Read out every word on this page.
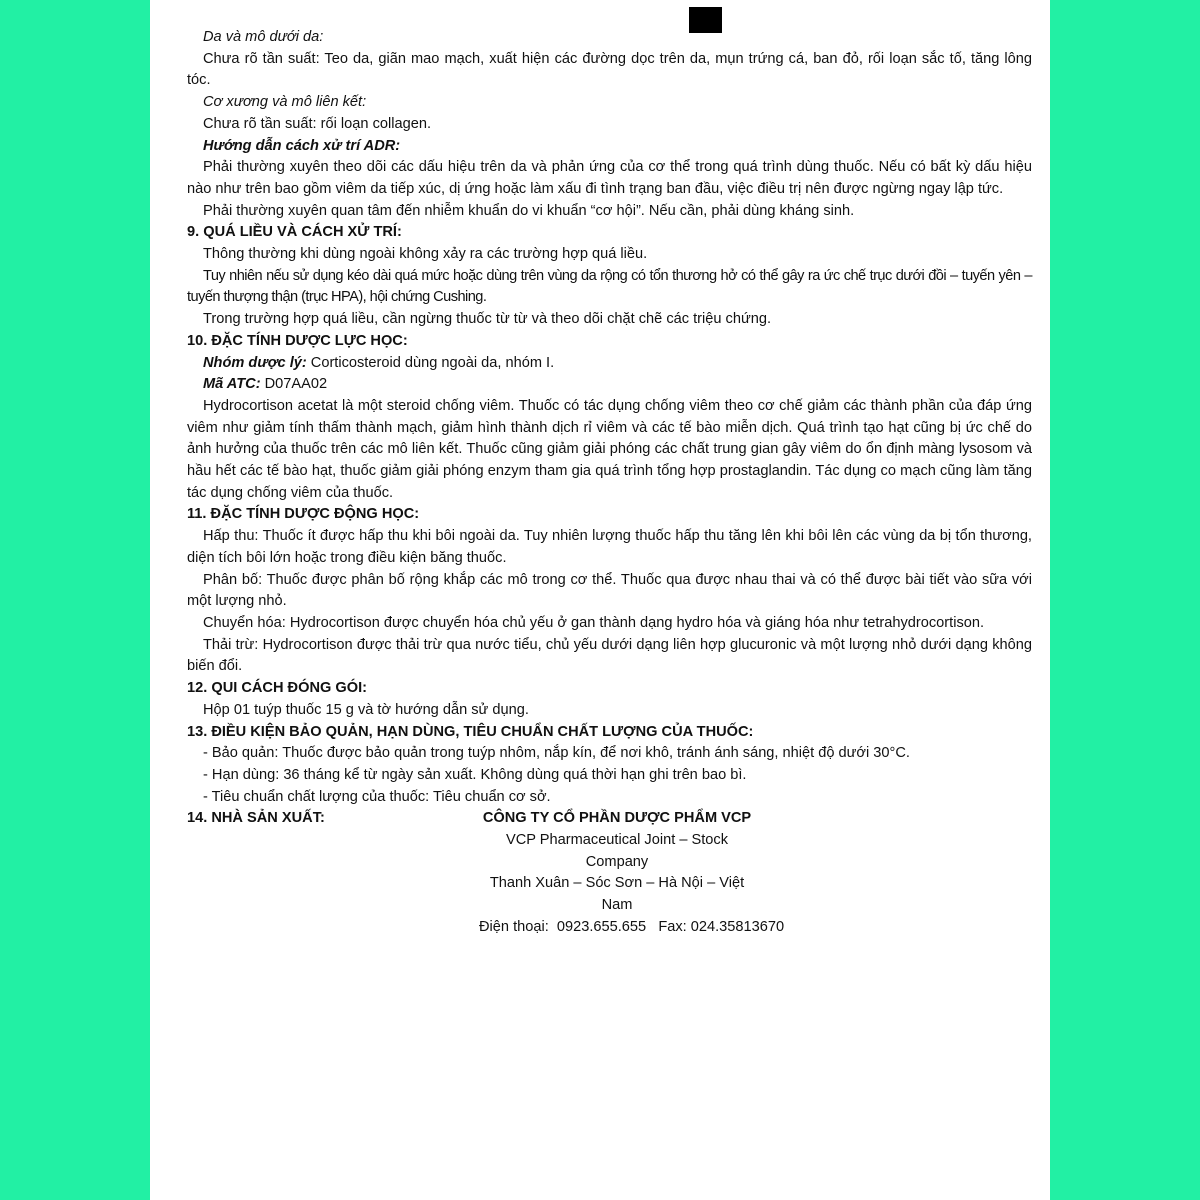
Da và mô dưới da:

Chưa rõ tần suất: Teo da, giãn mao mạch, xuất hiện các đường dọc trên da, mụn trứng cá, ban đỏ, rối loạn sắc tố, tăng lông tóc.

Cơ xương và mô liên kết:

Chưa rõ tần suất: rối loạn collagen.

Hướng dẫn cách xử trí ADR:

Phải thường xuyên theo dõi các dấu hiệu trên da và phản ứng của cơ thể trong quá trình dùng thuốc. Nếu có bất kỳ dấu hiệu nào như trên bao gồm viêm da tiếp xúc, dị ứng hoặc làm xấu đi tình trạng ban đầu, việc điều trị nên được ngừng ngay lập tức.

Phải thường xuyên quan tâm đến nhiễm khuẩn do vi khuẩn “cơ hội”. Nếu cần, phải dùng kháng sinh.

9. QUÁ LIỀU VÀ CÁCH XỬ TRÍ:

Thông thường khi dùng ngoài không xảy ra các trường hợp quá liều.

Tuy nhiên nếu sử dụng kéo dài quá mức hoặc dùng trên vùng da rộng có tổn thương hở có thể gây ra ức chế trục dưới đồi – tuyến yên – tuyến thượng thận (trục HPA), hội chứng Cushing.

Trong trường hợp quá liều, cần ngừng thuốc từ từ và theo dõi chặt chẽ các triệu chứng.

10. ĐẶC TÍNH DƯỢC LỰC HỌC:

Nhóm dược lý: Corticosteroid dùng ngoài da, nhóm I.

Mã ATC: D07AA02

Hydrocortison acetat là một steroid chống viêm. Thuốc có tác dụng chống viêm theo cơ chế giảm các thành phần của đáp ứng viêm như giảm tính thấm thành mạch, giảm hình thành dịch rỉ viêm và các tế bào miễn dịch. Quá trình tạo hạt cũng bị ức chế do ảnh hưởng của thuốc trên các mô liên kết. Thuốc cũng giảm giải phóng các chất trung gian gây viêm do ổn định màng lysosom và hầu hết các tế bào hạt, thuốc giảm giải phóng enzym tham gia quá trình tổng hợp prostaglandin. Tác dụng co mạch cũng làm tăng tác dụng chống viêm của thuốc.

11. ĐẶC TÍNH DƯỢC ĐỘNG HỌC:

Hấp thu: Thuốc ít được hấp thu khi bôi ngoài da. Tuy nhiên lượng thuốc hấp thu tăng lên khi bôi lên các vùng da bị tổn thương, diện tích bôi lớn hoặc trong điều kiện băng thuốc.

Phân bố: Thuốc được phân bố rộng khắp các mô trong cơ thể. Thuốc qua được nhau thai và có thể được bài tiết vào sữa với một lượng nhỏ.

Chuyển hóa: Hydrocortison được chuyển hóa chủ yếu ở gan thành dạng hydro hóa và giáng hóa như tetrahydrocortison.

Thải trừ: Hydrocortison được thải trừ qua nước tiểu, chủ yếu dưới dạng liên hợp glucuronic và một lượng nhỏ dưới dạng không biến đổi.

12. QUI CÁCH ĐÓNG GÓI:

Hộp 01 tuýp thuốc 15 g và tờ hướng dẫn sử dụng.

13. ĐIỀU KIỆN BẢO QUẢN, HẠN DÙNG, TIÊU CHUẨN CHẤT LƯỢNG CỦA THUỐC:

- Bảo quản: Thuốc được bảo quản trong tuýp nhôm, nắp kín, để nơi khô, tránh ánh sáng, nhiệt độ dưới 30°C.

- Hạn dùng: 36 tháng kể từ ngày sản xuất. Không dùng quá thời hạn ghi trên bao bì.

- Tiêu chuẩn chất lượng của thuốc: Tiêu chuẩn cơ sở.

14. NHÀ SẢN XUẤT:	CÔNG TY CỔ PHẦN DƯỢC PHẨM VCP
VCP Pharmaceutical Joint – Stock Company
Thanh Xuân – Sóc Sơn – Hà Nội – Việt Nam
Điện thoại:  0923.655.655   Fax: 024.35813670
